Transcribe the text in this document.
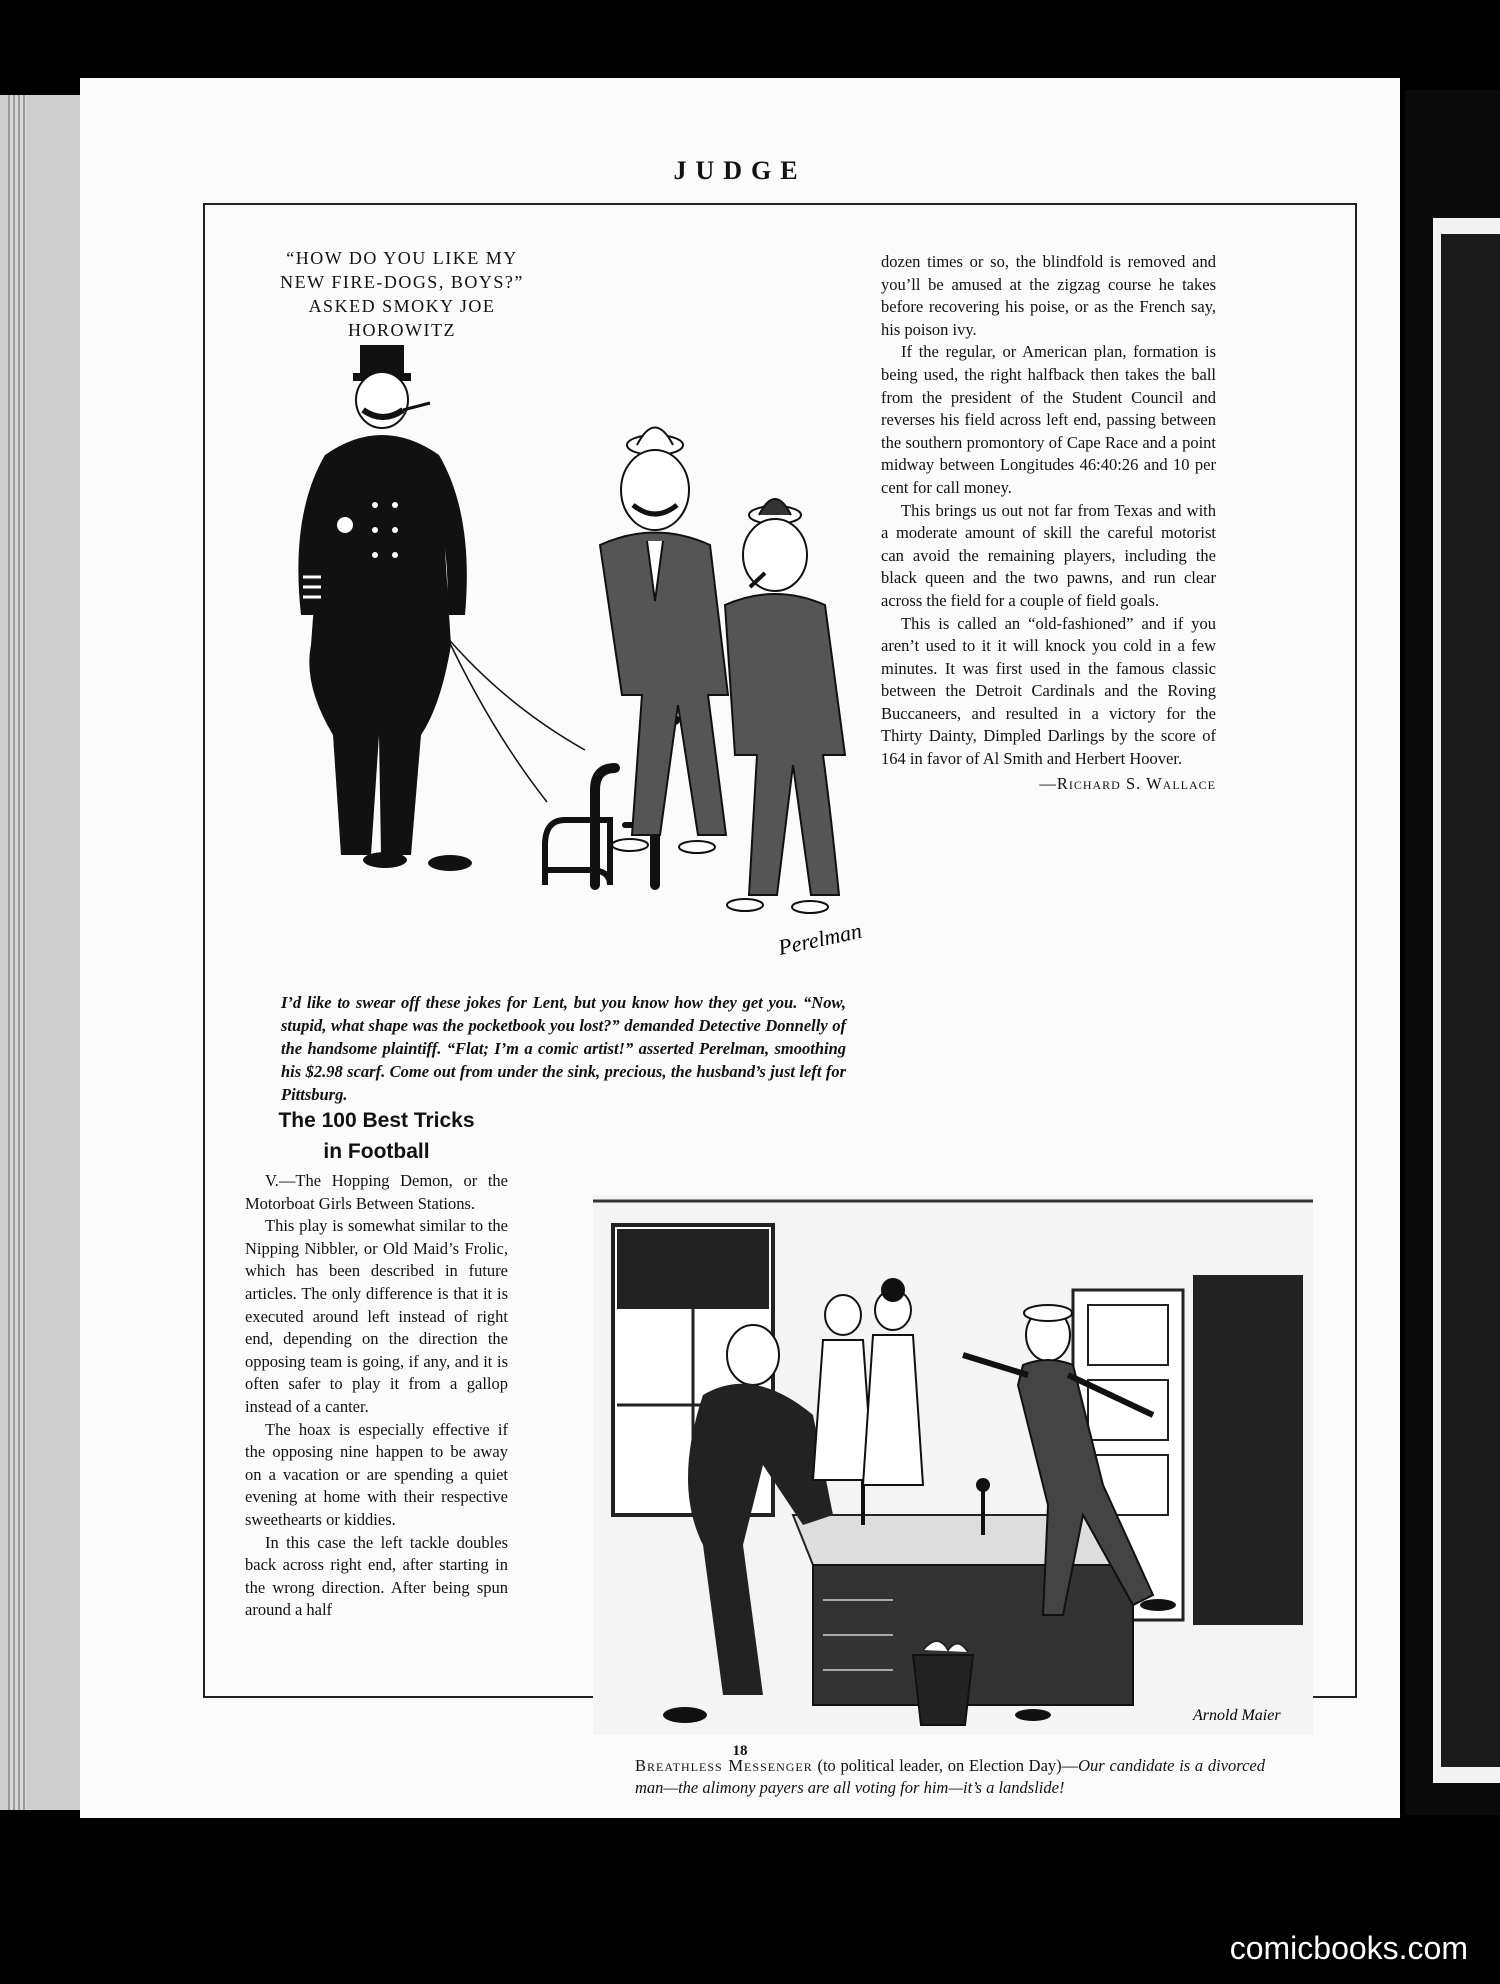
JUDGE
“HOW DO YOU LIKE MY
NEW FIRE-DOGS, BOYS?”
ASKED SMOKY JOE
HOROWITZ
Perelman
I’d like to swear off these jokes for Lent, but you know how they get you. “Now, stupid, what shape was the pocketbook you lost?” demanded Detective Donnelly of the handsome plaintiff. “Flat; I’m a comic artist!” asserted Perelman, smoothing his $2.98 scarf. Come out from under the sink, precious, the husband’s just left for Pittsburg.

dozen times or so, the blindfold is removed and you’ll be amused at the zigzag course he takes before recovering his poise, or as the French say, his poison ivy.

If the regular, or American plan, formation is being used, the right halfback then takes the ball from the president of the Student Council and reverses his field across left end, passing between the southern promontory of Cape Race and a point midway between Longitudes 46:40:26 and 10 per cent for call money.

This brings us out not far from Texas and with a moderate amount of skill the careful motorist can avoid the remaining players, including the black queen and the two pawns, and run clear across the field for a couple of field goals.

This is called an “old-fashioned” and if you aren’t used to it it will knock you cold in a few minutes. It was first used in the famous classic between the Detroit Cardinals and the Roving Buccaneers, and resulted in a victory for the Thirty Dainty, Dimpled Darlings by the score of 164 in favor of Al Smith and Herbert Hoover.

—Richard S. Wallace
The 100 Best Tricks
in Football

V.—The Hopping Demon, or the Motorboat Girls Between Stations.

This play is somewhat similar to the Nipping Nibbler, or Old Maid’s Frolic, which has been described in future articles. The only difference is that it is executed around left instead of right end, depending on the direction the opposing team is going, if any, and it is often safer to play it from a gallop instead of a canter.

The hoax is especially effective if the opposing nine happen to be away on a vacation or are spending a quiet evening at home with their respective sweethearts or kiddies.

In this case the left tackle doubles back across right end, after starting in the wrong direction. After being spun around a half

Arnold Maier
Breathless Messenger (to political leader, on Election Day)—Our candidate is a divorced man—the alimony payers are all voting for him—it’s a landslide!
18
comicbooks.com
